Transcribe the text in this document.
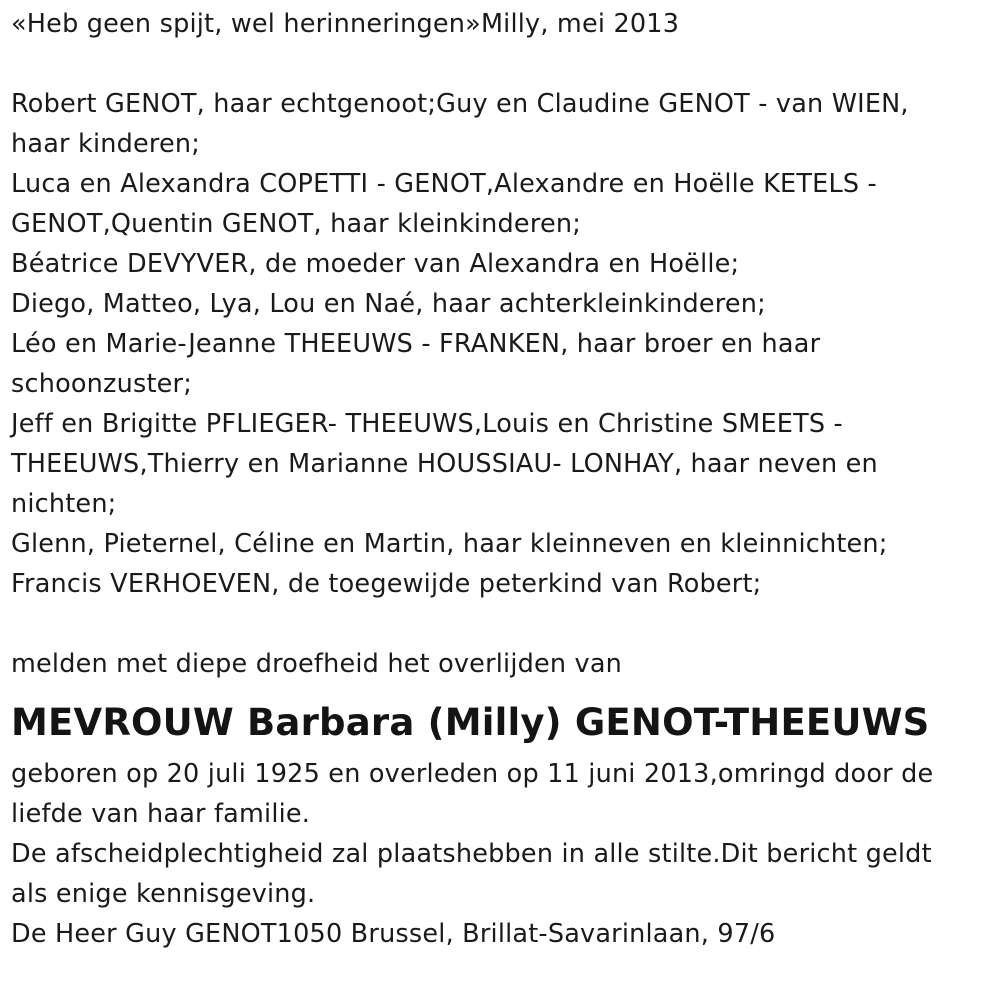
«Heb geen spijt, wel herinneringen»Milly, mei 2013
Robert GENOT, haar echtgenoot;Guy en Claudine GENOT - van WIEN,
haar kinderen;
Luca en Alexandra COPETTI - GENOT,Alexandre en Hoëlle KETELS -
GENOT,Quentin GENOT, haar kleinkinderen;
Béatrice DEVYVER, de moeder van Alexandra en Hoëlle;
Diego, Matteo, Lya, Lou en Naé, haar achterkleinkinderen;
Léo en Marie-Jeanne THEEUWS - FRANKEN, haar broer en haar
schoonzuster;
Jeff en Brigitte PFLIEGER- THEEUWS,Louis en Christine SMEETS -
THEEUWS,Thierry en Marianne HOUSSIAU- LONHAY, haar neven en
nichten;
Glenn, Pieternel, Céline en Martin, haar kleinneven en kleinnichten;
Francis VERHOEVEN, de toegewijde peterkind van Robert;
melden met diepe droefheid het overlijden van
MEVROUW Barbara (Milly) GENOT-THEEUWS
geboren op 20 juli 1925 en overleden op 11 juni 2013,omringd door de
liefde van haar familie.
De afscheidplechtigheid zal plaatshebben in alle stilte.Dit bericht geldt
als enige kennisgeving.
De Heer Guy GENOT1050 Brussel, Brillat-Savarinlaan, 97/6
